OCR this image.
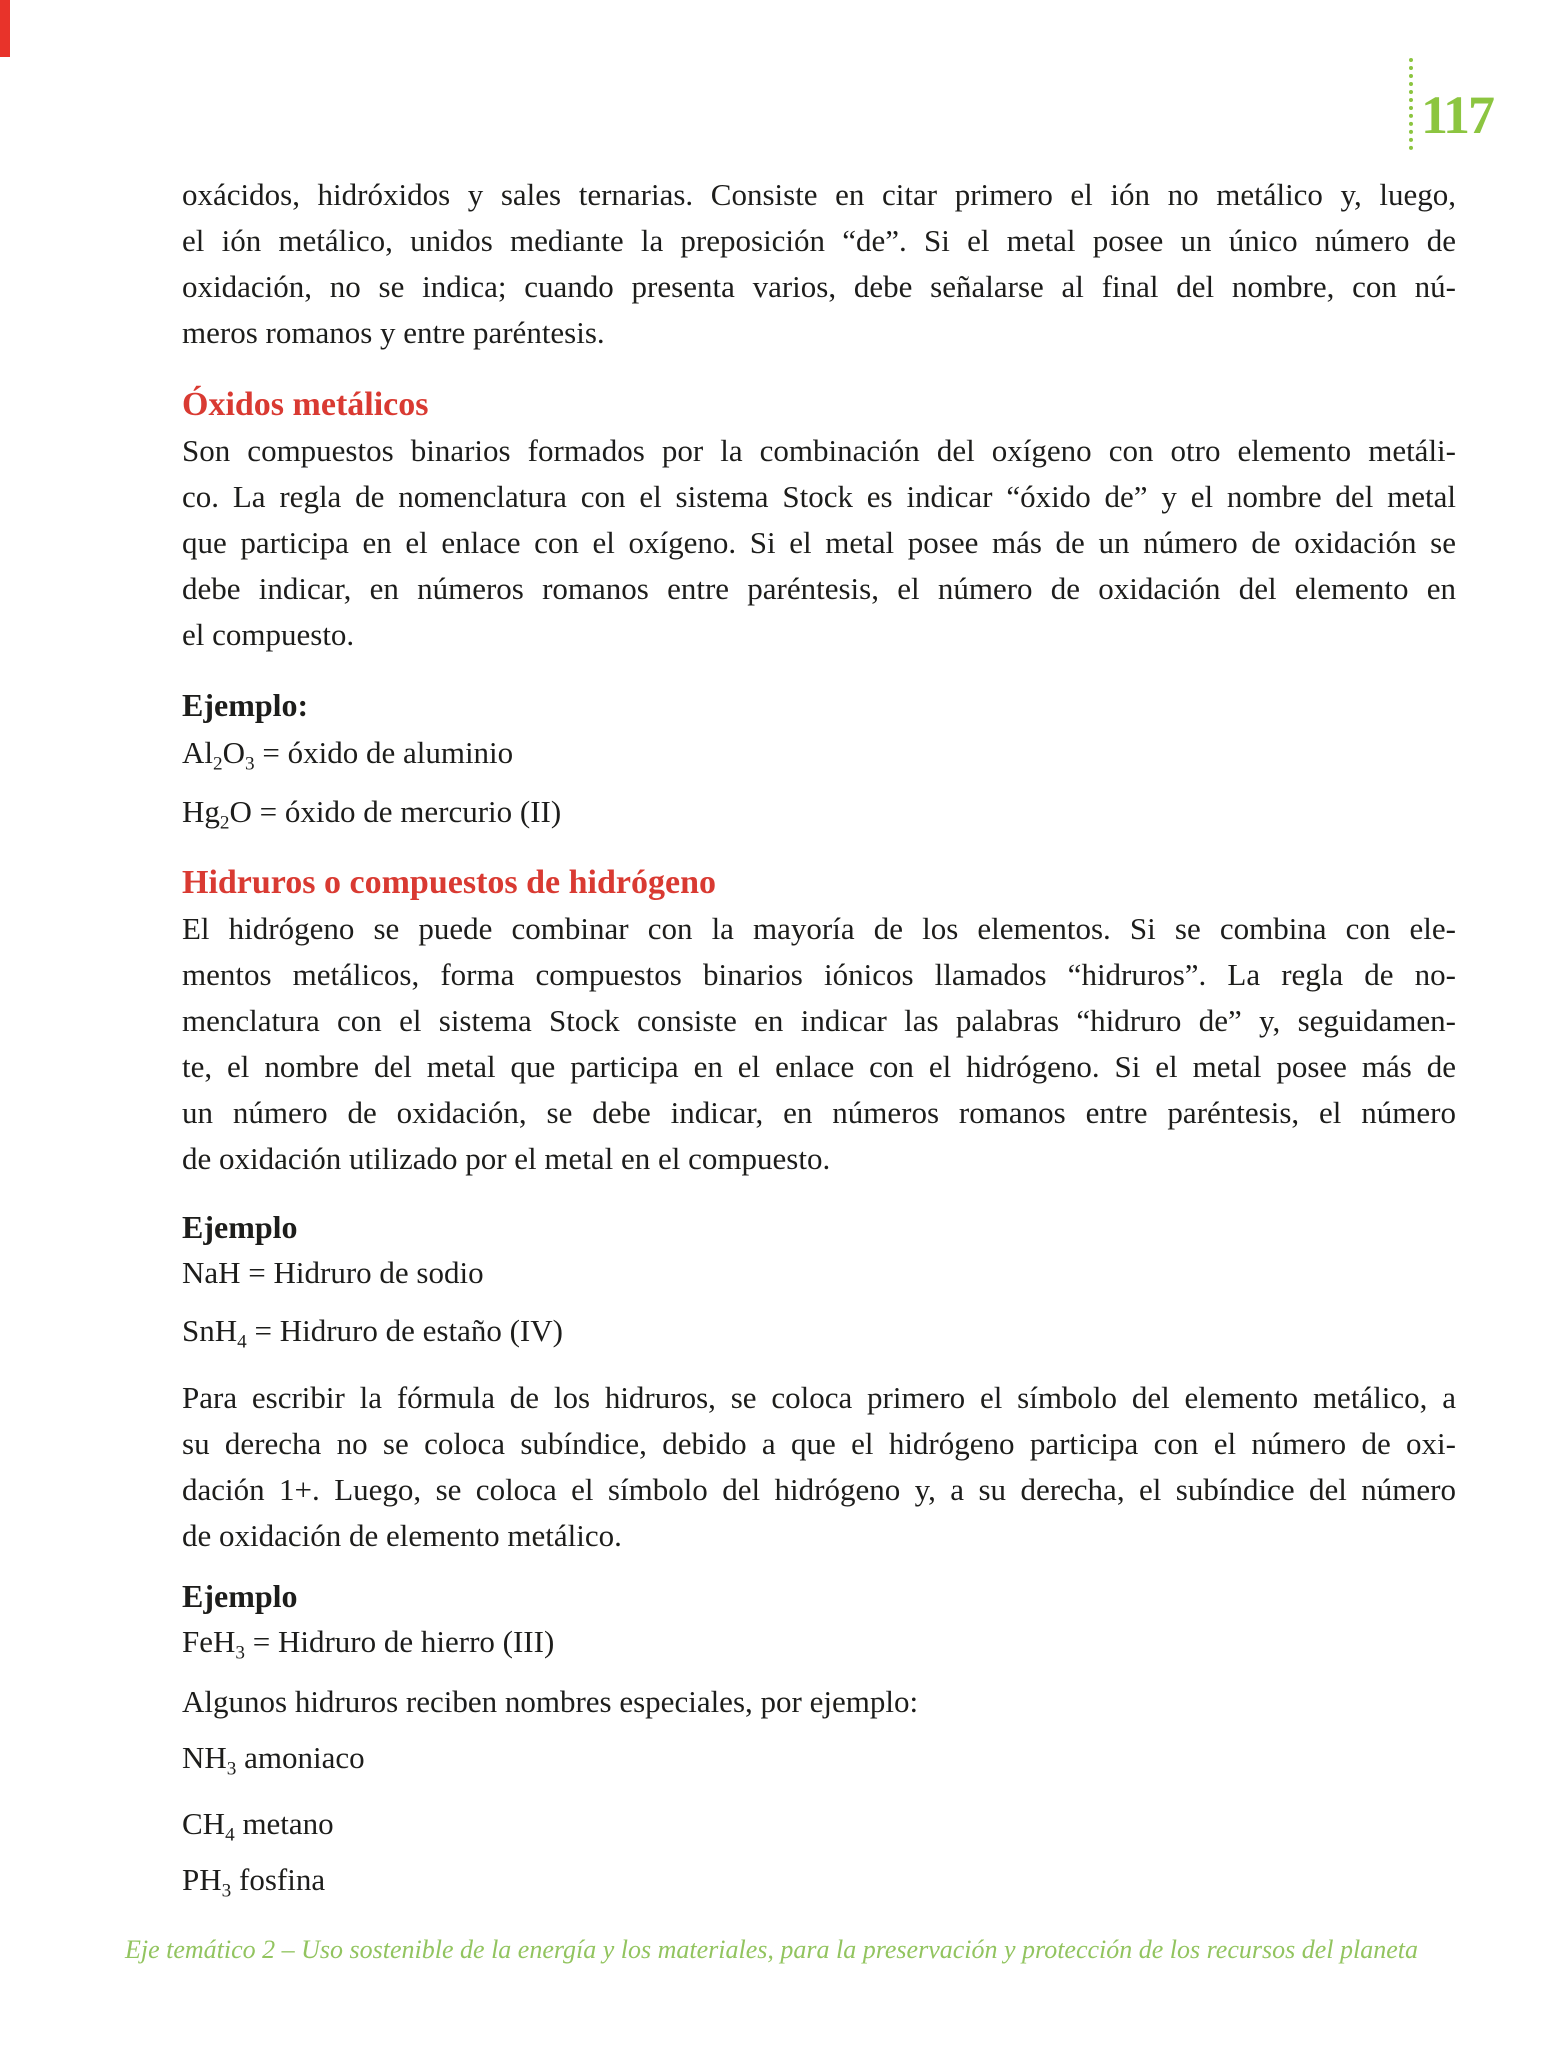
117

oxácidos, hidróxidos y sales ternarias. Consiste en citar primero el ión no metálico y, luego,
el ión metálico, unidos mediante la preposición “de”. Si el metal posee un único número de
oxidación, no se indica; cuando presenta varios, debe señalarse al final del nombre, con nú-
meros romanos y entre paréntesis.

Óxidos metálicos

Son compuestos binarios formados por la combinación del oxígeno con otro elemento metáli-
co. La regla de nomenclatura con el sistema Stock es indicar “óxido de” y el nombre del metal
que participa en el enlace con el oxígeno. Si el metal posee más de un número de oxidación se
debe indicar, en números romanos entre paréntesis, el número de oxidación del elemento en
el compuesto.

Ejemplo:
$Al_2O_3$ = óxido de aluminio
$Hg_2O$ = óxido de mercurio (II)
Hidruros o compuestos de hidrógeno

El hidrógeno se puede combinar con la mayoría de los elementos. Si se combina con ele-
mentos metálicos, forma compuestos binarios iónicos llamados “hidruros”. La regla de no-
menclatura con el sistema Stock consiste en indicar las palabras “hidruro de” y, seguidamen-
te, el nombre del metal que participa en el enlace con el hidrógeno. Si el metal posee más de
un número de oxidación, se debe indicar, en números romanos entre paréntesis, el número
de oxidación utilizado por el metal en el compuesto.

Ejemplo
NaH = Hidruro de sodio
SnH$_4$ = Hidruro de estaño (IV)

Para escribir la fórmula de los hidruros, se coloca primero el símbolo del elemento metálico, a
su derecha no se coloca subíndice, debido a que el hidrógeno participa con el número de oxi-
dación 1+. Luego, se coloca el símbolo del hidrógeno y, a su derecha, el subíndice del número
de oxidación de elemento metálico.

Ejemplo
FeH$_3$ = Hidruro de hierro (III)

Algunos hidruros reciben nombres especiales, por ejemplo:

$NH_3$ amoniaco
$CH_4$ metano
$PH_3$ fosfina
Eje temático 2 – Uso sostenible de la energía y los materiales, para la preservación y protección de los recursos del planeta
